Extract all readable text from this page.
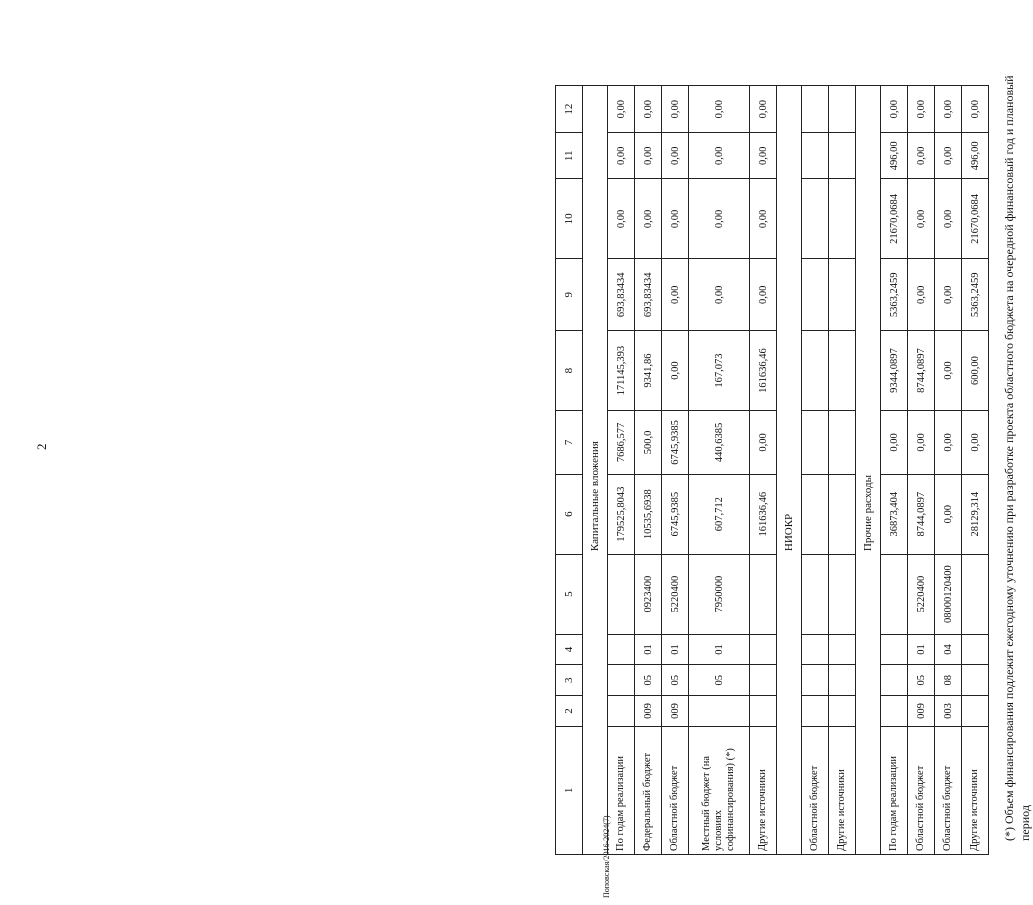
2
Поповская/2016-2024(7)
1	2	3	4	5	6	7	8	9	10	11	12
					Капитальные вложения						
По годам реализации					179525,8043	7686,577	171145,393	693,83434	0,00	0,00	0,00
Федеральный бюджет	009	05	01	0923400	10535,6938	500,0	9341,86	693,83434	0,00	0,00	0,00
Областной бюджет	009	05	01	5220400	6745,9385	6745,9385	0,00	0,00	0,00	0,00	0,00
Местный бюджет (на условиях софинансирования) (*)		05	01	7950000	607,712	440,6385	167,073	0,00	0,00	0,00	0,00
Другие источники					161636,46	0,00	161636,46	0,00	0,00	0,00	0,00
					НИОКР						
Областной бюджет											
Другие источники											
					Прочие расходы						
По годам реализации					36873,404	0,00	9344,0897	5363,2459	21670,0684	496,00	0,00
Областной бюджет	009	05	01	5220400	8744,0897	0,00	8744,0897	0,00	0,00	0,00	0,00
Областной бюджет	003	08	04	08000120400	0,00	0,00	0,00	0,00	0,00	0,00	0,00
Другие источники					28129,314	0,00	600,00	5363,2459	21670,0684	496,00	0,00 (*) Объем финансирования подлежит ежегодному уточнению при разработке проекта областного бюджета на очередной финансовый год и плановый период
